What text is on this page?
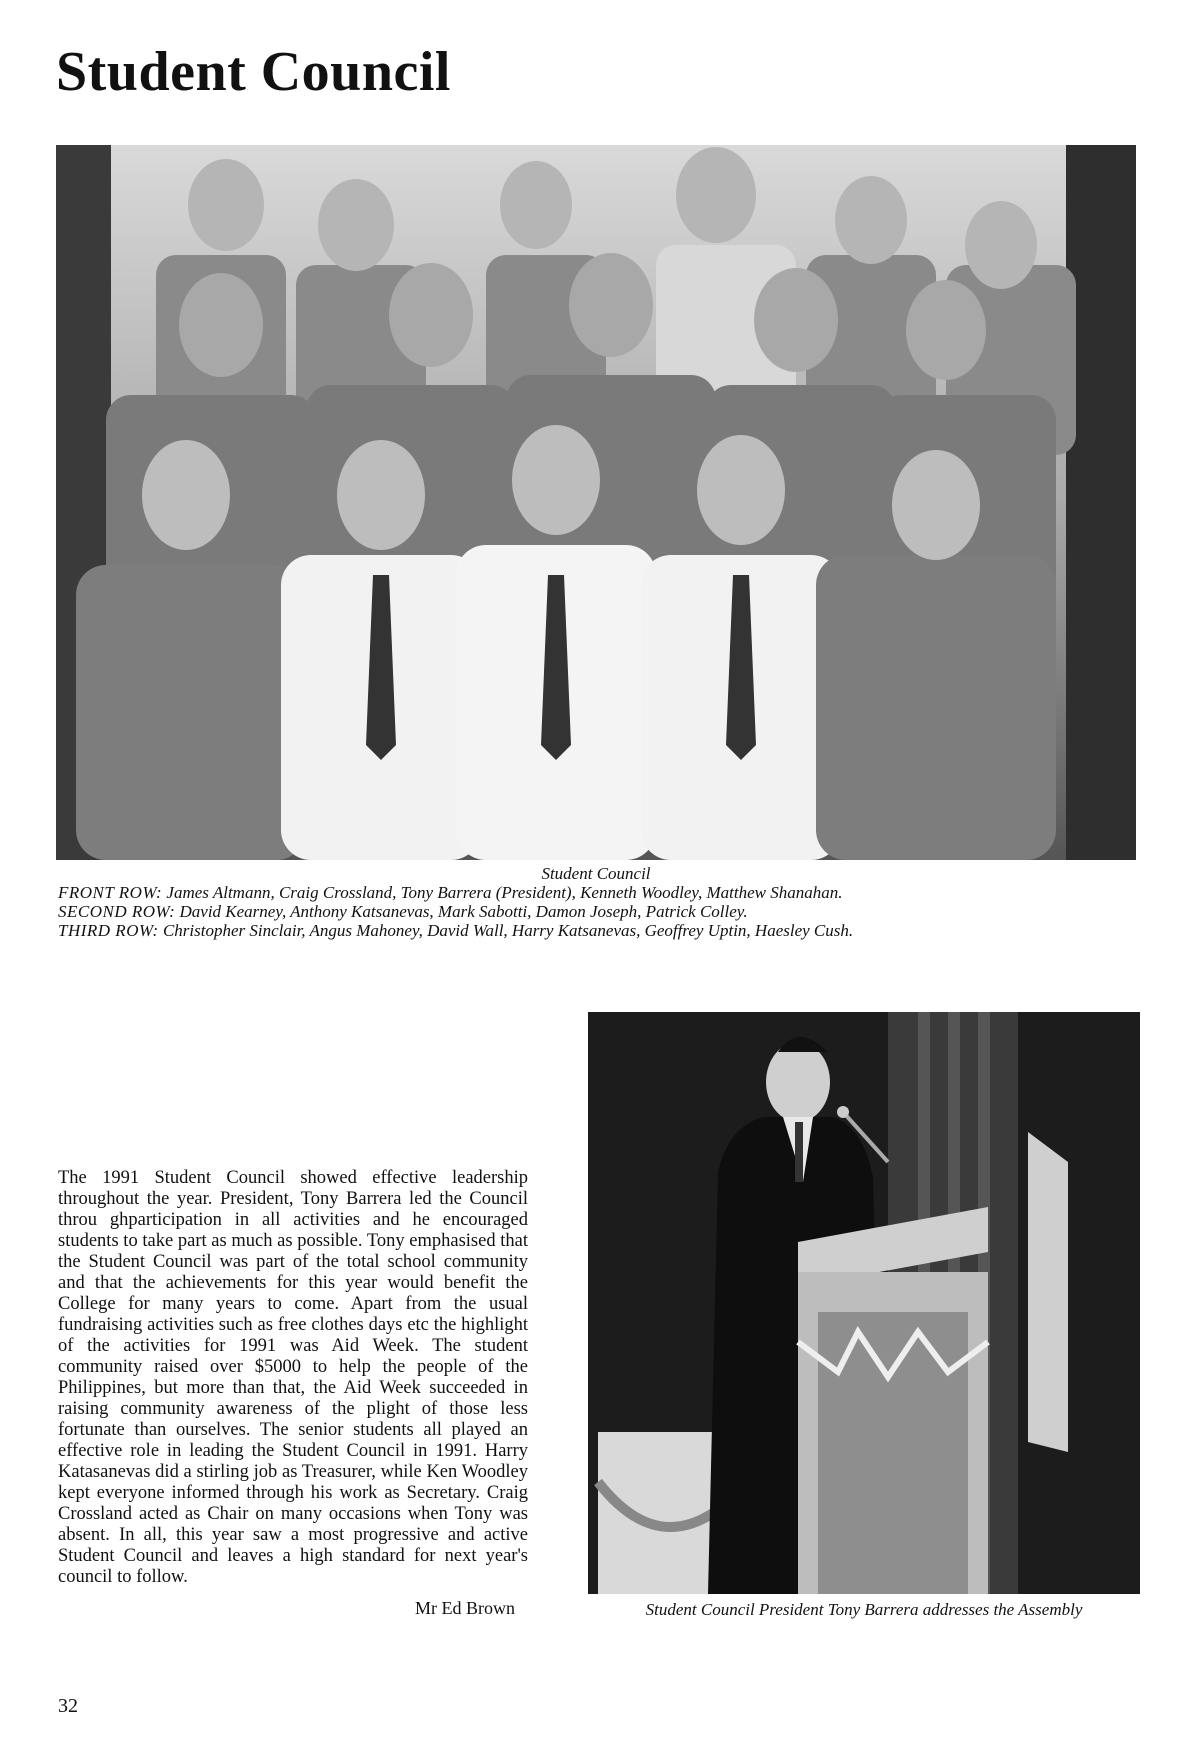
Student Council
Student Council
FRONT ROW: James Altmann, Craig Crossland, Tony Barrera (President), Kenneth Woodley, Matthew Shanahan.
SECOND ROW: David Kearney, Anthony Katsanevas, Mark Sabotti, Damon Joseph, Patrick Colley.
THIRD ROW: Christopher Sinclair, Angus Mahoney, David Wall, Harry Katsanevas, Geoffrey Uptin, Haesley Cush.
The 1991 Student Council showed effective leadership throughout the year. President, Tony Barrera led the Council throu ghparticipation in all activities and he encouraged students to take part as much as possible. Tony emphasised that the Student Council was part of the total school community and that the achievements for this year would benefit the College for many years to come. Apart from the usual fundraising activities such as free clothes days etc the highlight of the activities for 1991 was Aid Week. The student community raised over $5000 to help the people of the Philippines, but more than that, the Aid Week succeeded in raising community awareness of the plight of those less fortunate than ourselves. The senior students all played an effective role in leading the Student Council in 1991. Harry Katasanevas did a stirling job as Treasurer, while Ken Woodley kept everyone informed through his work as Secretary. Craig Crossland acted as Chair on many occasions when Tony was absent. In all, this year saw a most progressive and active Student Council and leaves a high standard for next year's council to follow.
Mr Ed Brown	Student Council President Tony Barrera addresses the Assembly
32
